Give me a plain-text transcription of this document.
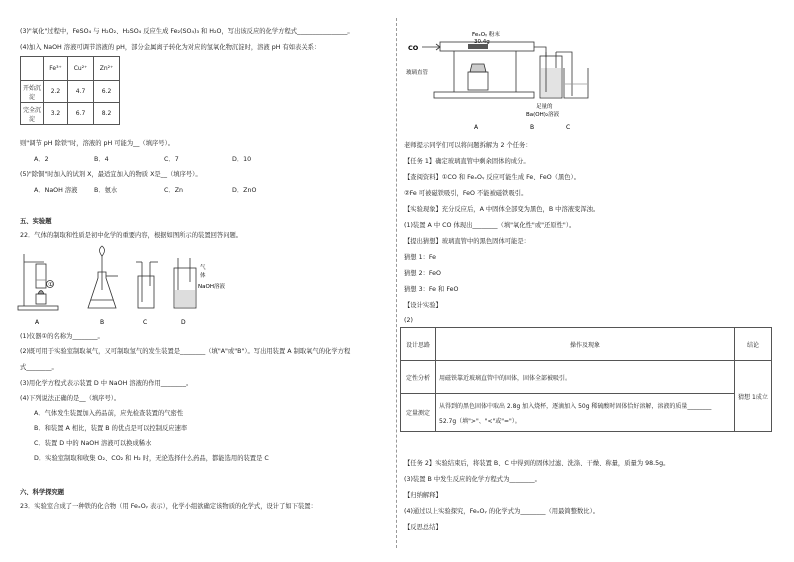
(3)"氧化"过程中，FeSO₄ 与 H₂O₂、H₂SO₄ 反应生成 Fe₂(SO₄)₃ 和 H₂O，写出该反应的化学方程式________________。
(4)加入 NaOH 溶液可调节溶液的 pH，部分金属离子转化为对应的氢氧化物沉淀时，溶液 pH 有如表关系：
	Fe³⁺	Cu²⁺	Zn²⁺
开始沉淀	2.2	4.7	6.2
完全沉淀	3.2	6.7	8.2
则"调节 pH 除铁"时，溶液的 pH 可能为__（填序号）。
A．2	B．4	C．7	D．10
(5)"除铜"时加入的试剂 X，最适宜加入的物质 X是__（填序号）。
A．NaOH 溶液	B．氨水	C．Zn	D．ZnO
五、实验题
22．气体的制取和性质是初中化学的重要内容，根据如图所示的装置回答问题。
A
①
B	C
气
体
NaOH溶液
D
(1)仪器①的名称为________。
(2)既可用于实验室制取氧气，又可制取氢气的发生装置是________（填"A"或"B"）。写出用装置 A 制取氧气的化学方程
式________。
(3)用化学方程式表示装置 D 中 NaOH 溶液的作用________。
(4)下列说法正确的是__（填序号）。
A．气体发生装置加入药品前，应先检查装置的气密性
B．和装置 A 相比，装置 B 的优点是可以控制反应速率
C．装置 D 中的 NaOH 溶液可以换成稀水
D．实验室制取和收集 O₂、CO₂ 和 H₂ 时，无论选择什么药品，都能选用的装置是 C
六、科学探究题
23．实验室合成了一种铁的化合物（用 FeₓOᵧ 表示），化学小组欲确定该物质的化学式，设计了如下装置：
CO
FeₓOᵧ 粉末
30.4g
玻璃直管
足量的
Ba(OH)₂溶液
A	B	C
老师提示同学们可以将问题拆解为 2 个任务：
【任务 1】确定玻璃直管中剩余固体的成分。
【查阅资料】①CO 和 FeₓOᵧ 反应可能生成 Fe、FeO（黑色）。
②Fe 可被磁铁吸引，FeO 不能被磁铁吸引。
【实验现象】充分反应后，A 中固体全部变为黑色，B 中溶液变浑浊。
(1)装置 A 中 CO 体现出________（填"氧化性"或"还原性"）。
【提出猜想】玻璃直管中的黑色固体可能是：
猜想 1：Fe
猜想 2：FeO
猜想 3：Fe 和 FeO
【设计实验】
(2)
设计思路	操作及现象	结论
定性分析	用磁铁靠近玻璃直管中的固体，固体全部被吸引。	猜想 1成立
定量测定	从得到的黑色固体中取出 2.8g 加入烧杯，逐滴加入 50g 稀硫酸时固体恰好溶解，溶液的质量________
52.7g（填">"、"<"或"="）。	
【任务 2】实验结束后，将装置 B、C 中得到的固体过滤、洗涤、干燥、称量，质量为 98.5g。
(3)装置 B 中发生反应的化学方程式为________。
【归纳解释】
(4)通过以上实验探究，FeₓOᵧ 的化学式为________（用最简整数比）。
【反思总结】
